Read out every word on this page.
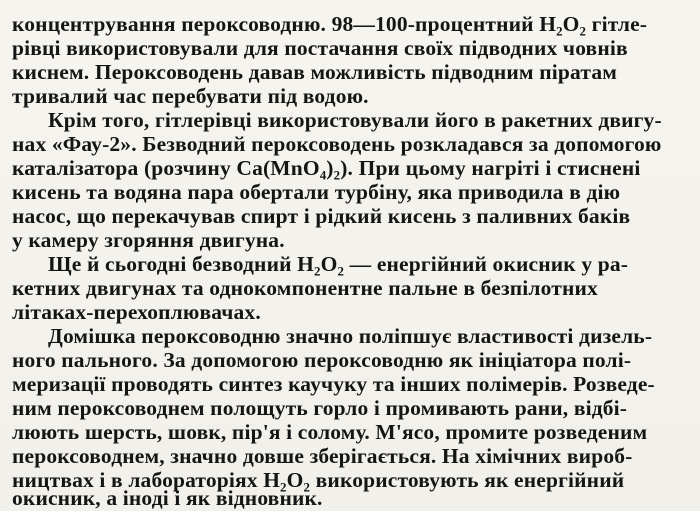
концентрування пероксоводню. 98—100-процентний H₂O₂ гітле-
рівці використовували для постачання своїх підводних човнів
киснем. Пероксоводень давав можливість підводним піратам
тривалий час перебувати під водою.
Крім того, гітлерівці використовували його в ракетних двигу-
нах «Фау-2». Безводний пероксоводень розкладався за допомогою
каталізатора (розчину Ca(MnO₄)₂). При цьому нагріті і стиснені
кисень та водяна пара обертали турбіну, яка приводила в дію
насос, що перекачував спирт і рідкий кисень з паливних баків
у камеру згоряння двигуна.
Ще й сьогодні безводний H₂O₂ — енергійний окисник у ра-
кетних двигунах та однокомпонентне пальне в безпілотних
літаках-перехоплювачах.
Домішка пероксоводню значно поліпшує властивості дизель-
ного пального. За допомогою пероксоводню як ініціатора полі-
меризації проводять синтез каучуку та інших полімерів. Розведе-
ним пероксоводнем полощуть горло і промивають рани, відбі-
люють шерсть, шовк, пір'я і солому. М'ясо, промите розведеним
пероксоводнем, значно довше зберігається. На хімічних вироб-
ництвах і в лабораторіях H₂O₂ використовують як енергійний
окисник, а іноді і як відновник.
